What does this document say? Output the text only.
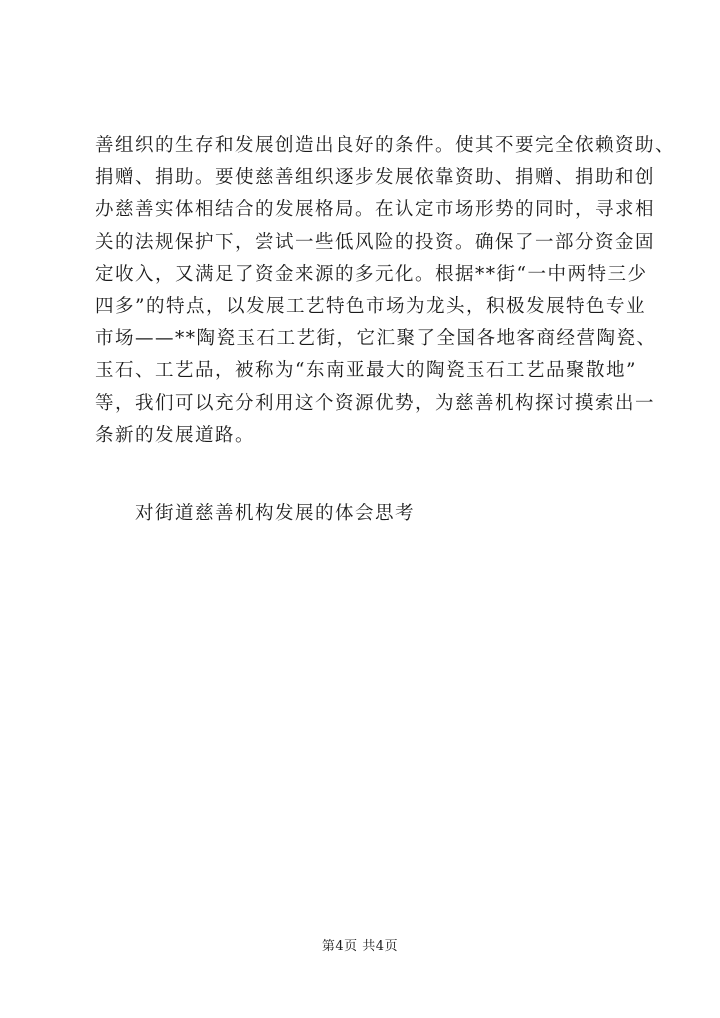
善组织的生存和发展创造出良好的条件。使其不要完全依赖资助、
捐赠、捐助。要使慈善组织逐步发展依靠资助、捐赠、捐助和创
办慈善实体相结合的发展格局。在认定市场形势的同时，寻求相
关的法规保护下，尝试一些低风险的投资。确保了一部分资金固
定收入，又满足了资金来源的多元化。根据**街“一中两特三少
四多”的特点，以发展工艺特色市场为龙头，积极发展特色专业
市场——**陶瓷玉石工艺街，它汇聚了全国各地客商经营陶瓷、
玉石、工艺品，被称为“东南亚最大的陶瓷玉石工艺品聚散地”
等，我们可以充分利用这个资源优势，为慈善机构探讨摸索出一
条新的发展道路。
对街道慈善机构发展的体会思考
第4页 共4页
